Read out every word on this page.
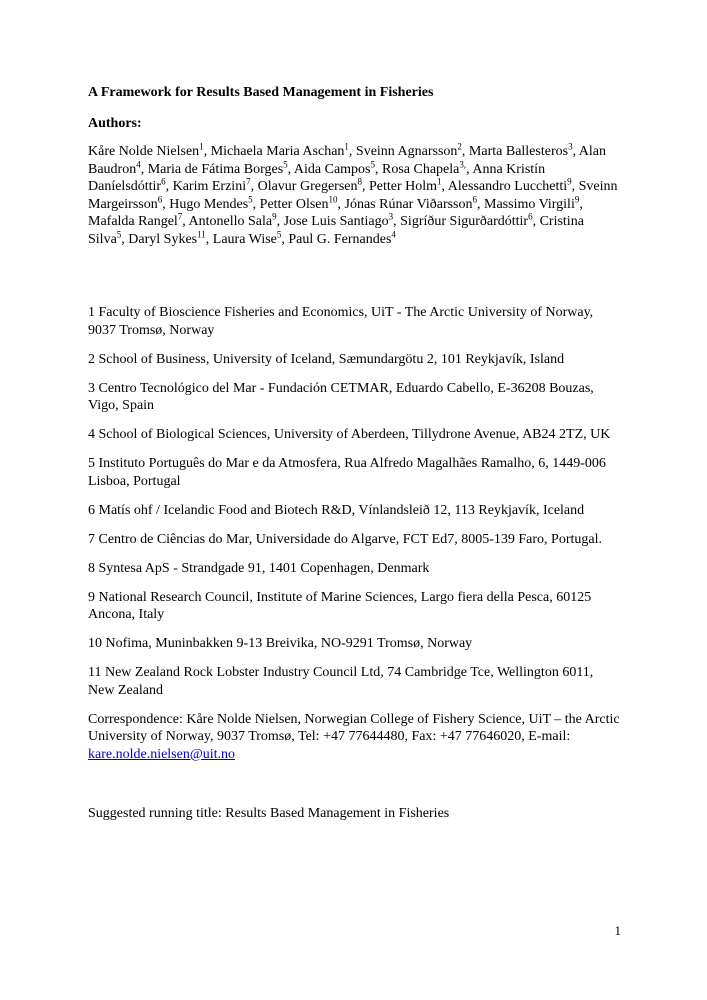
A Framework for Results Based Management in Fisheries

Authors:

Kåre Nolde Nielsen$^1$, Michaela Maria Aschan$^1$, Sveinn Agnarsson$^2$, Marta Ballesteros$^3$, Alan Baudron$^4$, Maria de Fátima Borges$^5$, Aida Campos$^5$, Rosa Chapela$^{3,}$, Anna Kristín Daníelsdóttir$^6$, Karim Erzini$^7$, Olavur Gregersen$^8$, Petter Holm$^1$, Alessandro Lucchetti$^9$, Sveinn Margeirsson$^6$, Hugo Mendes$^5$, Petter Olsen$^{10}$, Jónas Rúnar Viðarsson$^6$, Massimo Virgili$^9$, Mafalda Rangel$^7$, Antonello Sala$^9$, Jose Luis Santiago$^3$, Sigríður Sigurðardóttir$^6$, Cristina Silva$^5$, Daryl Sykes$^{11}$, Laura Wise$^5$, Paul G. Fernandes$^4$

1 Faculty of Bioscience Fisheries and Economics, UiT - The Arctic University of Norway, 9037 Tromsø, Norway

2 School of Business, University of Iceland, Sæmundargötu 2, 101 Reykjavík, Island

3 Centro Tecnológico del Mar - Fundación CETMAR, Eduardo Cabello, E-36208 Bouzas, Vigo, Spain

4 School of Biological Sciences, University of Aberdeen, Tillydrone Avenue, AB24 2TZ, UK

5 Instituto Português do Mar e da Atmosfera, Rua Alfredo Magalhães Ramalho, 6, 1449-006 Lisboa, Portugal

6 Matís ohf / Icelandic Food and Biotech R&D, Vínlandsleið 12, 113 Reykjavík, Iceland

7 Centro de Ciências do Mar, Universidade do Algarve, FCT Ed7, 8005-139 Faro, Portugal.

8 Syntesa ApS - Strandgade 91, 1401 Copenhagen, Denmark

9 National Research Council, Institute of Marine Sciences, Largo fiera della Pesca, 60125 Ancona, Italy

10 Nofima, Muninbakken 9-13 Breivika, NO-9291 Tromsø, Norway

11 New Zealand Rock Lobster Industry Council Ltd, 74 Cambridge Tce, Wellington 6011, New Zealand

Correspondence: Kåre Nolde Nielsen, Norwegian College of Fishery Science, UiT – the Arctic University of Norway, 9037 Tromsø, Tel: +47 77644480, Fax: +47 77646020, E-mail: kare.nolde.nielsen@uit.no

Suggested running title: Results Based Management in Fisheries

1
